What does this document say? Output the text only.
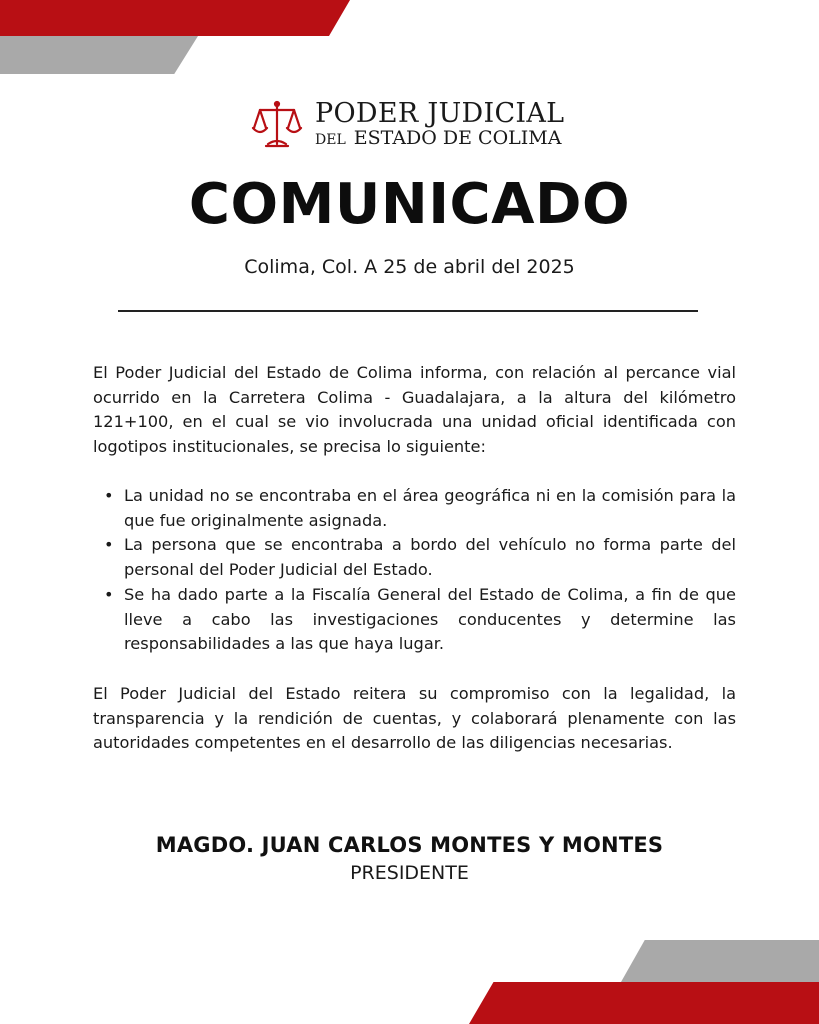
PODER JUDICIAL
DEL ESTADO DE COLIMA
COMUNICADO
Colima, Col. A 25 de abril del 2025

El Poder Judicial del Estado de Colima informa, con relación al percance vial ocurrido en la Carretera Colima - Guadalajara, a la altura del kilómetro 121+100, en el cual se vio involucrada una unidad oficial identificada con logotipos institucionales, se precisa lo siguiente:

• La unidad no se encontraba en el área geográfica ni en la comisión para la que fue originalmente asignada.
• La persona que se encontraba a bordo del vehículo no forma parte del personal del Poder Judicial del Estado.
• Se ha dado parte a la Fiscalía General del Estado de Colima, a fin de que lleve a cabo las investigaciones conducentes y determine las responsabilidades a las que haya lugar.

El Poder Judicial del Estado reitera su compromiso con la legalidad, la transparencia y la rendición de cuentas, y colaborará plenamente con las autoridades competentes en el desarrollo de las diligencias necesarias.

MAGDO. JUAN CARLOS MONTES Y MONTES
PRESIDENTE
